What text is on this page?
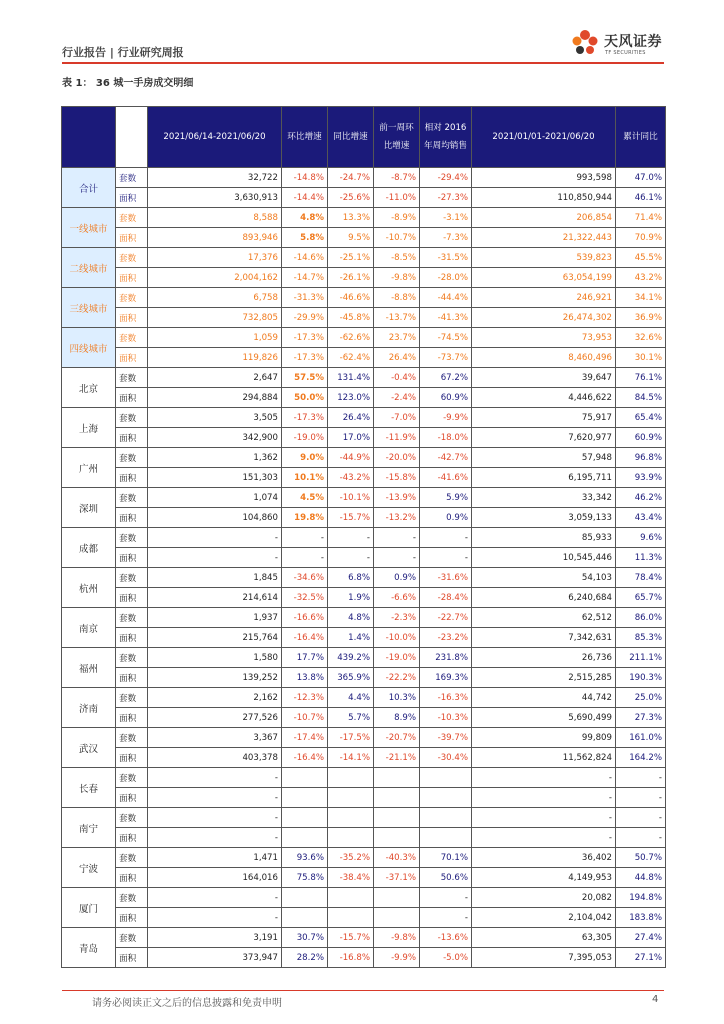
行业报告 | 行业研究周报
天风证券
TF SECURITIES
表 1： 36 城一手房成交明细
		2021/06/14-2021/06/20	环比增速	同比增速	前一周环比增速	相对 2016 年周均销售	2021/01/01-2021/06/20	累计同比
合计	套数	32,722	-14.8%	-24.7%	-8.7%	-29.4%	993,598	47.0%
	面积	3,630,913	-14.4%	-25.6%	-11.0%	-27.3%	110,850,944	46.1%
一线城市	套数	8,588	4.8%	13.3%	-8.9%	-3.1%	206,854	71.4%
	面积	893,946	5.8%	9.5%	-10.7%	-7.3%	21,322,443	70.9%
二线城市	套数	17,376	-14.6%	-25.1%	-8.5%	-31.5%	539,823	45.5%
	面积	2,004,162	-14.7%	-26.1%	-9.8%	-28.0%	63,054,199	43.2%
三线城市	套数	6,758	-31.3%	-46.6%	-8.8%	-44.4%	246,921	34.1%
	面积	732,805	-29.9%	-45.8%	-13.7%	-41.3%	26,474,302	36.9%
四线城市	套数	1,059	-17.3%	-62.6%	23.7%	-74.5%	73,953	32.6%
	面积	119,826	-17.3%	-62.4%	26.4%	-73.7%	8,460,496	30.1%
北京	套数	2,647	57.5%	131.4%	-0.4%	67.2%	39,647	76.1%
	面积	294,884	50.0%	123.0%	-2.4%	60.9%	4,446,622	84.5%
上海	套数	3,505	-17.3%	26.4%	-7.0%	-9.9%	75,917	65.4%
	面积	342,900	-19.0%	17.0%	-11.9%	-18.0%	7,620,977	60.9%
广州	套数	1,362	9.0%	-44.9%	-20.0%	-42.7%	57,948	96.8%
	面积	151,303	10.1%	-43.2%	-15.8%	-41.6%	6,195,711	93.9%
深圳	套数	1,074	4.5%	-10.1%	-13.9%	5.9%	33,342	46.2%
	面积	104,860	19.8%	-15.7%	-13.2%	0.9%	3,059,133	43.4%
成都	套数	-	-	-	-	-	85,933	9.6%
	面积	-	-	-	-	-	10,545,446	11.3%
杭州	套数	1,845	-34.6%	6.8%	0.9%	-31.6%	54,103	78.4%
	面积	214,614	-32.5%	1.9%	-6.6%	-28.4%	6,240,684	65.7%
南京	套数	1,937	-16.6%	4.8%	-2.3%	-22.7%	62,512	86.0%
	面积	215,764	-16.4%	1.4%	-10.0%	-23.2%	7,342,631	85.3%
福州	套数	1,580	17.7%	439.2%	-19.0%	231.8%	26,736	211.1%
	面积	139,252	13.8%	365.9%	-22.2%	169.3%	2,515,285	190.3%
济南	套数	2,162	-12.3%	4.4%	10.3%	-16.3%	44,742	25.0%
	面积	277,526	-10.7%	5.7%	8.9%	-10.3%	5,690,499	27.3%
武汉	套数	3,367	-17.4%	-17.5%	-20.7%	-39.7%	99,809	161.0%
	面积	403,378	-16.4%	-14.1%	-21.1%	-30.4%	11,562,824	164.2%
长春	套数	-					-	-
	面积	-					-	-
南宁	套数	-					-	-
	面积	-					-	-
宁波	套数	1,471	93.6%	-35.2%	-40.3%	70.1%	36,402	50.7%
	面积	164,016	75.8%	-38.4%	-37.1%	50.6%	4,149,953	44.8%
厦门	套数	-				-	20,082	194.8%
	面积	-				-	2,104,042	183.8%
青岛	套数	3,191	30.7%	-15.7%	-9.8%	-13.6%	63,305	27.4%
	面积	373,947	28.2%	-16.8%	-9.9%	-5.0%	7,395,053	27.1%
请务必阅读正文之后的信息披露和免责申明	4
